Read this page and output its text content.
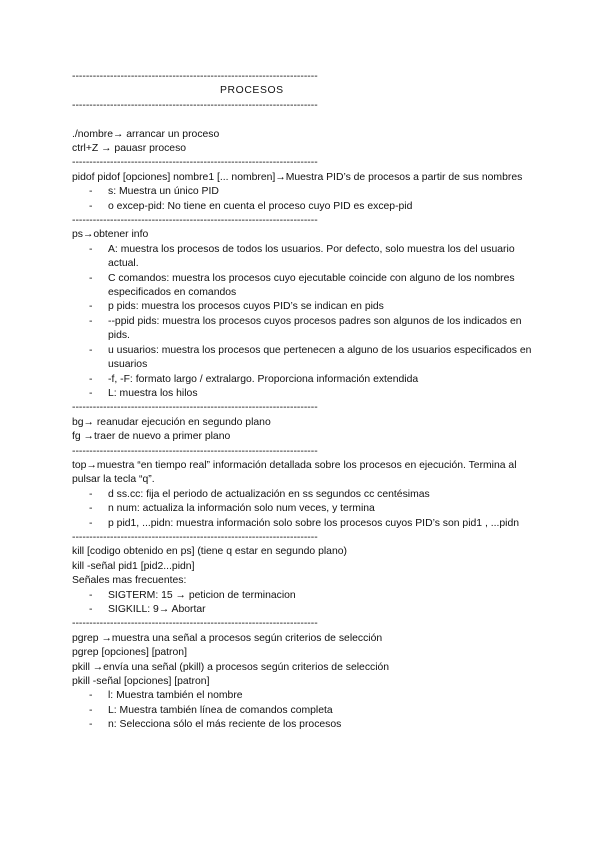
-----------------------------------------------------------------------
PROCESOS
-----------------------------------------------------------------------
./nombre→ arrancar un proceso
ctrl+Z → pauasr proceso
-----------------------------------------------------------------------
pidof pidof [opciones] nombre1 [... nombren]→Muestra PID’s de procesos a partir de sus nombres
- s: Muestra un único PID
- o excep-pid: No tiene en cuenta el proceso cuyo PID es excep-pid
-----------------------------------------------------------------------
ps→obtener info
- A: muestra los procesos de todos los usuarios. Por defecto, solo muestra los del usuario actual.
- C comandos: muestra los procesos cuyo ejecutable coincide con alguno de los nombres especificados en comandos
- p pids: muestra los procesos cuyos PID’s se indican en pids
- --ppid pids: muestra los procesos cuyos procesos padres son algunos de los indicados en pids.
- u usuarios: muestra los procesos que pertenecen a alguno de los usuarios especificados en usuarios
- -f, -F: formato largo / extralargo. Proporciona información extendida
- L: muestra los hilos
-----------------------------------------------------------------------
bg→ reanudar ejecución en segundo plano
fg →traer de nuevo a primer plano
-----------------------------------------------------------------------
top→muestra “en tiempo real” información detallada sobre los procesos en ejecución. Termina al pulsar la tecla “q”.
- d ss.cc: fija el periodo de actualización en ss segundos cc centésimas
- n num: actualiza la información solo num veces, y termina
- p pid1, ...pidn: muestra información solo sobre los procesos cuyos PID’s son pid1 , ...pidn
-----------------------------------------------------------------------
kill [codigo obtenido en ps] (tiene q estar en segundo plano)
kill -señal pid1 [pid2...pidn]
Señales mas frecuentes:
- SIGTERM: 15 → peticion de terminacion
- SIGKILL: 9→ Abortar
-----------------------------------------------------------------------
pgrep →muestra una señal a procesos según criterios de selección
pgrep [opciones] [patron]
pkill →envía una señal (pkill) a procesos según criterios de selección
pkill -señal [opciones] [patron]
- l: Muestra también el nombre
- L: Muestra también línea de comandos completa
- n: Selecciona sólo el más reciente de los procesos
